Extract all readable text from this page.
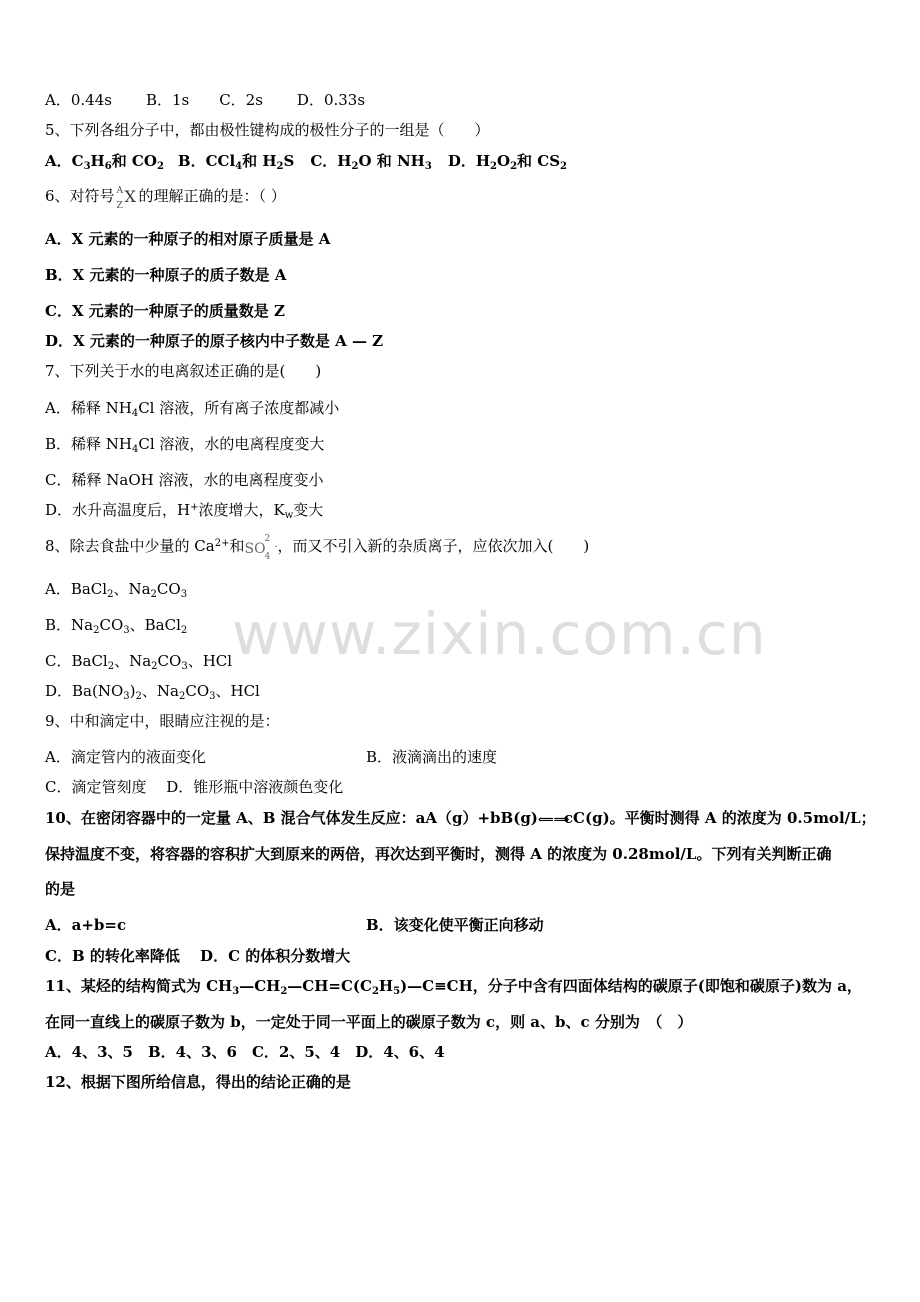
www.zixin.com.cn
A．0.44s B．1s C．2s D．0.33s
5、下列各组分子中，都由极性键构成的极性分子的一组是（　　）
A．$C_3H_6$和 $CO_2$ B．CCl$_4$和 $H_2S$ C．$H_2O$ 和 $NH_3$ D．$H_2O_2$和 $CS_2$
6、对符号 A
Z X 的理解正确的是：（ ）
A．X 元素的一种原子的相对原子质量是 A
B．X 元素的一种原子的质子数是 A
C．X 元素的一种原子的质量数是 Z
D．X 元素的一种原子的原子核内中子数是 A — Z
7、下列关于水的电离叙述正确的是(　　)
A．稀释 $NH_4Cl$ 溶液，所有离子浓度都减小
B．稀释 $NH_4Cl$ 溶液，水的电离程度变大
C．稀释 NaOH 溶液，水的电离程度变小
D．水升高温度后，H+浓度增大，$K_w$变大
8、除去食盐中少量的 $Ca^{2+}$和 SO
2
4
-，而又不引入新的杂质离子，应依次加入(　　)
A．BaCl$_2$、$Na_2CO_3$
B．$Na_2CO_3$、BaCl$_2$
C．BaCl$_2$、$Na_2CO_3$、HCl
D．$Ba(NO_3)_2$、$Na_2CO_3$、HCl
9、中和滴定中，眼睛应注视的是：
A．滴定管内的液面变化	B．液滴滴出的速度
C．滴定管刻度　 D．锥形瓶中溶液颜色变化
10、在密闭容器中的一定量 A、B 混合气体发生反应：aA（g）+bB(g)⟸⟹cC(g)。平衡时测得 A 的浓度为 0.5mol/L；
保持温度不变，将容器的容积扩大到原来的两倍，再次达到平衡时，测得 A 的浓度为 0.28mol/L。下列有关判断正确
的是
A．a+b=c	B．该变化使平衡正向移动
C．B 的转化率降低　 D．C 的体积分数增大
11、某烃的结构简式为 $CH_3—CH_2—CH=C(C_2H_5)—C\equiv CH$，分子中含有四面体结构的碳原子(即饱和碳原子)数为 a，
在同一直线上的碳原子数为 b，一定处于同一平面上的碳原子数为 c，则 a、b、c 分别为　（　）
A．4、3、5　B．4、3、6　C．2、5、4　D．4、6、4
12、根据下图所给信息，得出的结论正确的是
